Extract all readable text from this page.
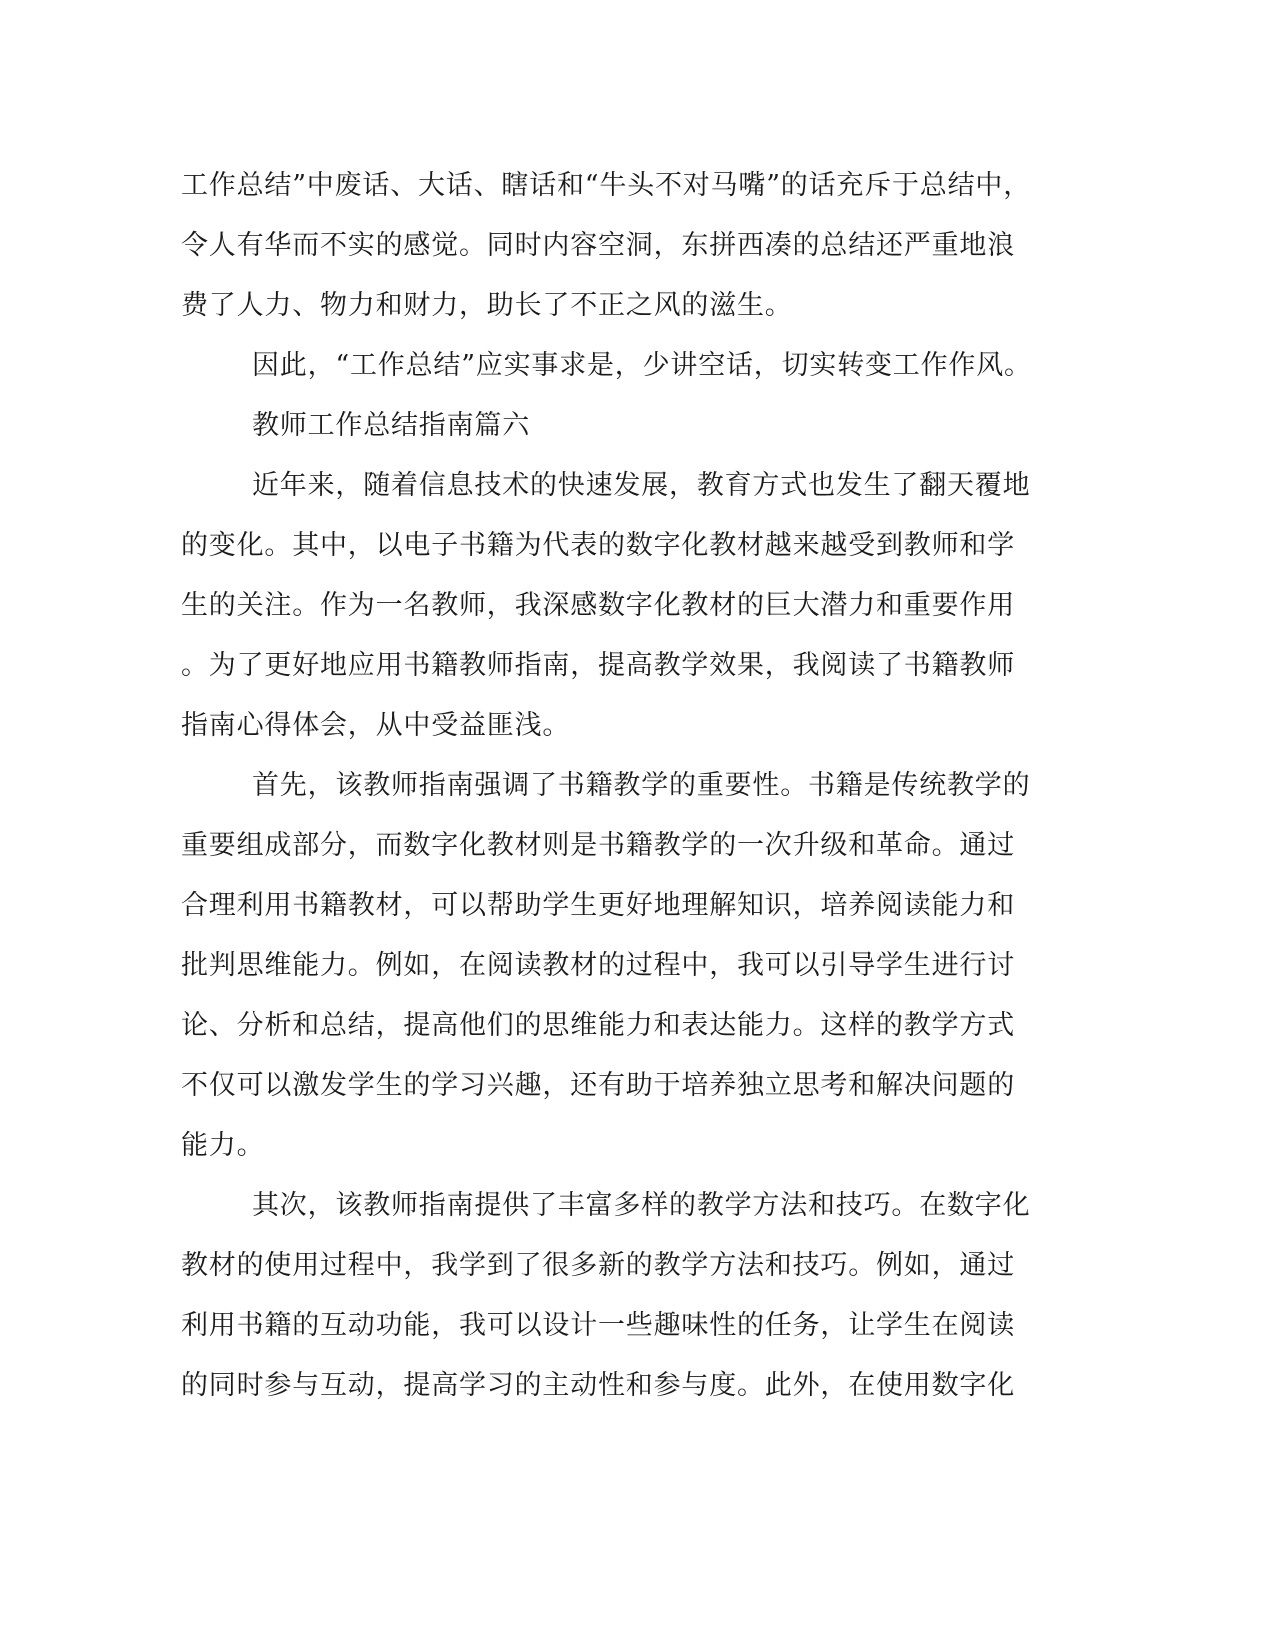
工作总结”中废话、大话、瞎话和“牛头不对马嘴”的话充斥于总结中，
令人有华而不实的感觉。同时内容空洞，东拼西凑的总结还严重地浪
费了人力、物力和财力，助长了不正之风的滋生。
因此，“工作总结”应实事求是，少讲空话，切实转变工作作风。
教师工作总结指南篇六
近年来，随着信息技术的快速发展，教育方式也发生了翻天覆地
的变化。其中，以电子书籍为代表的数字化教材越来越受到教师和学
生的关注。作为一名教师，我深感数字化教材的巨大潜力和重要作用
。为了更好地应用书籍教师指南，提高教学效果，我阅读了书籍教师
指南心得体会，从中受益匪浅。
首先，该教师指南强调了书籍教学的重要性。书籍是传统教学的
重要组成部分，而数字化教材则是书籍教学的一次升级和革命。通过
合理利用书籍教材，可以帮助学生更好地理解知识，培养阅读能力和
批判思维能力。例如，在阅读教材的过程中，我可以引导学生进行讨
论、分析和总结，提高他们的思维能力和表达能力。这样的教学方式
不仅可以激发学生的学习兴趣，还有助于培养独立思考和解决问题的
能力。
其次，该教师指南提供了丰富多样的教学方法和技巧。在数字化
教材的使用过程中，我学到了很多新的教学方法和技巧。例如，通过
利用书籍的互动功能，我可以设计一些趣味性的任务，让学生在阅读
的同时参与互动，提高学习的主动性和参与度。此外，在使用数字化
